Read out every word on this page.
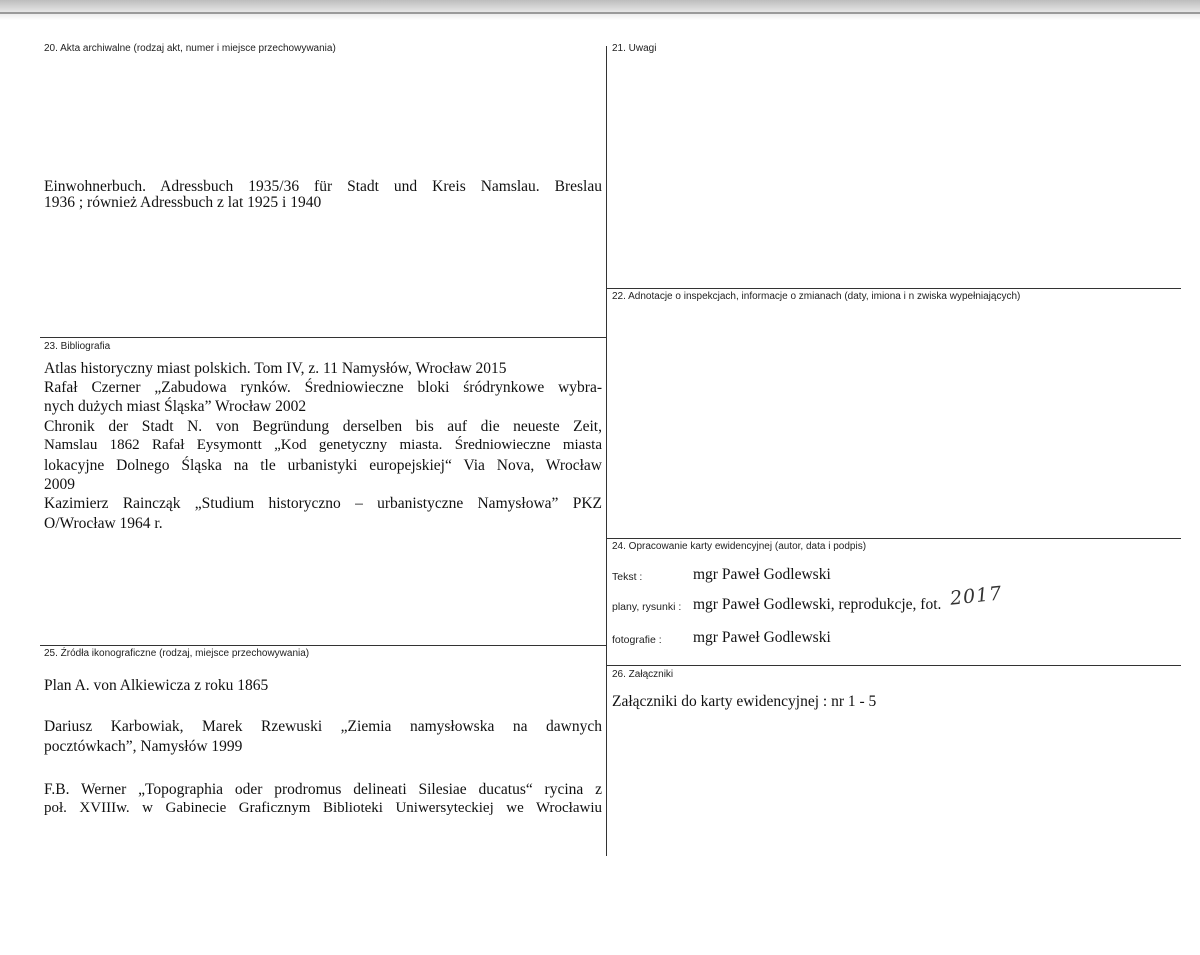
20. Akta archiwalne (rodzaj akt, numer i miejsce przechowywania)
Einwohnerbuch. Adressbuch 1935/36 für Stadt und Kreis Namslau. Breslau
1936 ; również Adressbuch z lat 1925 i 1940
21. Uwagi
22. Adnotacje o inspekcjach, informacje o zmianach (daty, imiona i n zwiska wypełniających)
23. Bibliografia
Atlas historyczny miast polskich. Tom IV, z. 11 Namysłów, Wrocław 2015
Rafał Czerner „Zabudowa rynków. Średniowieczne bloki śródrynkowe wybra-
nych dużych miast Śląska” Wrocław 2002
Chronik der Stadt N. von Begründung derselben bis auf die neueste Zeit,
Namslau 1862 Rafał Eysymontt „Kod genetyczny miasta. Średniowieczne miasta
lokacyjne Dolnego Śląska na tle urbanistyki europejskiej“ Via Nova, Wrocław
2009
Kazimierz Raincząk „Studium historyczno – urbanistyczne Namysłowa” PKZ
O/Wrocław 1964 r.
24. Opracowanie karty ewidencyjnej (autor, data i podpis)
Tekst :	mgr Paweł Godlewski
plany, rysunki : mgr Paweł Godlewski, reprodukcje, fot. 2017
fotografie : mgr Paweł Godlewski
25. Źródła ikonograficzne (rodzaj, miejsce przechowywania)
Plan A. von Alkiewicza z roku 1865
Dariusz Karbowiak, Marek Rzewuski „Ziemia namysłowska na dawnych
pocztówkach”, Namysłów 1999
F.B. Werner „Topographia oder prodromus delineati Silesiae ducatus“ rycina z
poł. XVIIIw. w Gabinecie Graficznym Biblioteki Uniwersyteckiej we Wrocławiu
26. Załączniki
Załączniki do karty ewidencyjnej : nr 1 - 5
